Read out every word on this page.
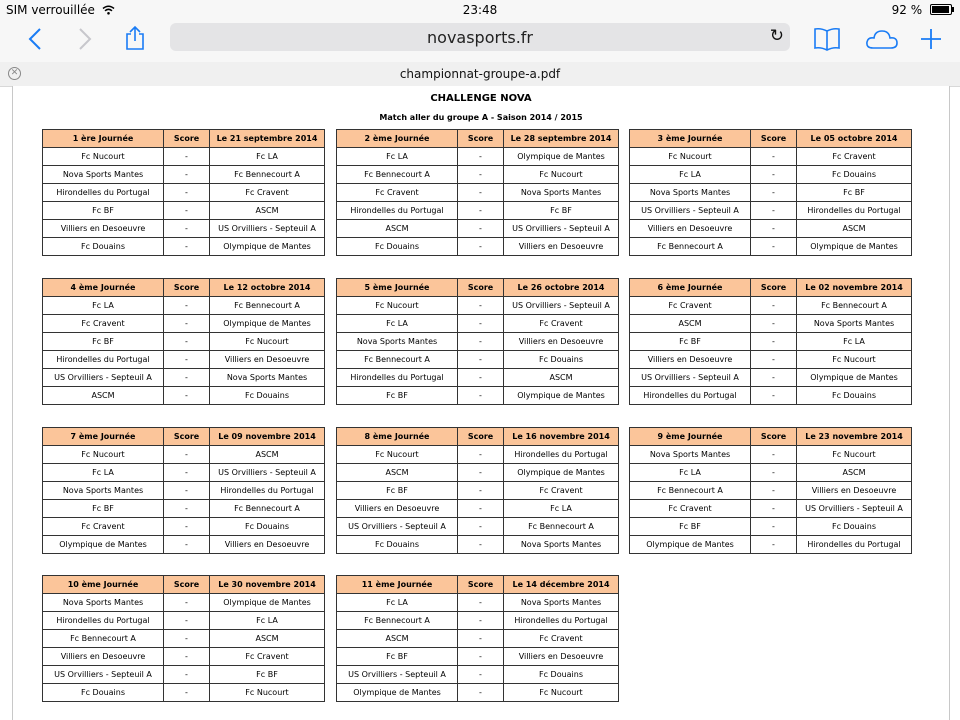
SIM verrouillée	23:48	92 %
novasports.fr	↻
✕	championnat-groupe-a.pdf
CHALLENGE NOVA
Match aller du groupe A - Saison 2014 / 2015
1 ère Journée	Score	Le 21 septembre 2014
Fc Nucourt	-	Fc LA
Nova Sports Mantes	-	Fc Bennecourt A
Hirondelles du Portugal	-	Fc Cravent
Fc BF	-	ASCM
Villiers en Desoeuvre	-	US Orvilliers - Septeuil A
Fc Douains	-	Olympique de Mantes
2 ème Journée	Score	Le 28 septembre 2014
Fc LA	-	Olympique de Mantes
Fc Bennecourt A	-	Fc Nucourt
Fc Cravent	-	Nova Sports Mantes
Hirondelles du Portugal	-	Fc BF
ASCM	-	US Orvilliers - Septeuil A
Fc Douains	-	Villiers en Desoeuvre
3 ème Journée	Score	Le 05 octobre 2014
Fc Nucourt	-	Fc Cravent
Fc LA	-	Fc Douains
Nova Sports Mantes	-	Fc BF
US Orvilliers - Septeuil A	-	Hirondelles du Portugal
Villiers en Desoeuvre	-	ASCM
Fc Bennecourt A	-	Olympique de Mantes
4 ème Journée	Score	Le 12 octobre 2014
Fc LA	-	Fc Bennecourt A
Fc Cravent	-	Olympique de Mantes
Fc BF	-	Fc Nucourt
Hirondelles du Portugal	-	Villiers en Desoeuvre
US Orvilliers - Septeuil A	-	Nova Sports Mantes
ASCM	-	Fc Douains
5 ème Journée	Score	Le 26 octobre 2014
Fc Nucourt	-	US Orvilliers - Septeuil A
Fc LA	-	Fc Cravent
Nova Sports Mantes	-	Villiers en Desoeuvre
Fc Bennecourt A	-	Fc Douains
Hirondelles du Portugal	-	ASCM
Fc BF	-	Olympique de Mantes
6 ème Journée	Score	Le 02 novembre 2014
Fc Cravent	-	Fc Bennecourt A
ASCM	-	Nova Sports Mantes
Fc BF	-	Fc LA
Villiers en Desoeuvre	-	Fc Nucourt
US Orvilliers - Septeuil A	-	Olympique de Mantes
Hirondelles du Portugal	-	Fc Douains
7 ème Journée	Score	Le 09 novembre 2014
Fc Nucourt	-	ASCM
Fc LA	-	US Orvilliers - Septeuil A
Nova Sports Mantes	-	Hirondelles du Portugal
Fc BF	-	Fc Bennecourt A
Fc Cravent	-	Fc Douains
Olympique de Mantes	-	Villiers en Desoeuvre
8 ème Journée	Score	Le 16 novembre 2014
Fc Nucourt	-	Hirondelles du Portugal
ASCM	-	Olympique de Mantes
Fc BF	-	Fc Cravent
Villiers en Desoeuvre	-	Fc LA
US Orvilliers - Septeuil A	-	Fc Bennecourt A
Fc Douains	-	Nova Sports Mantes
9 ème Journée	Score	Le 23 novembre 2014
Nova Sports Mantes	-	Fc Nucourt
Fc LA	-	ASCM
Fc Bennecourt A	-	Villiers en Desoeuvre
Fc Cravent	-	US Orvilliers - Septeuil A
Fc BF	-	Fc Douains
Olympique de Mantes	-	Hirondelles du Portugal
10 ème Journée	Score	Le 30 novembre 2014
Nova Sports Mantes	-	Olympique de Mantes
Hirondelles du Portugal	-	Fc LA
Fc Bennecourt A	-	ASCM
Villiers en Desoeuvre	-	Fc Cravent
US Orvilliers - Septeuil A	-	Fc BF
Fc Douains	-	Fc Nucourt
11 ème Journée	Score	Le 14 décembre 2014
Fc LA	-	Nova Sports Mantes
Fc Bennecourt A	-	Hirondelles du Portugal
ASCM	-	Fc Cravent
Fc BF	-	Villiers en Desoeuvre
US Orvilliers - Septeuil A	-	Fc Douains
Olympique de Mantes	-	Fc Nucourt
